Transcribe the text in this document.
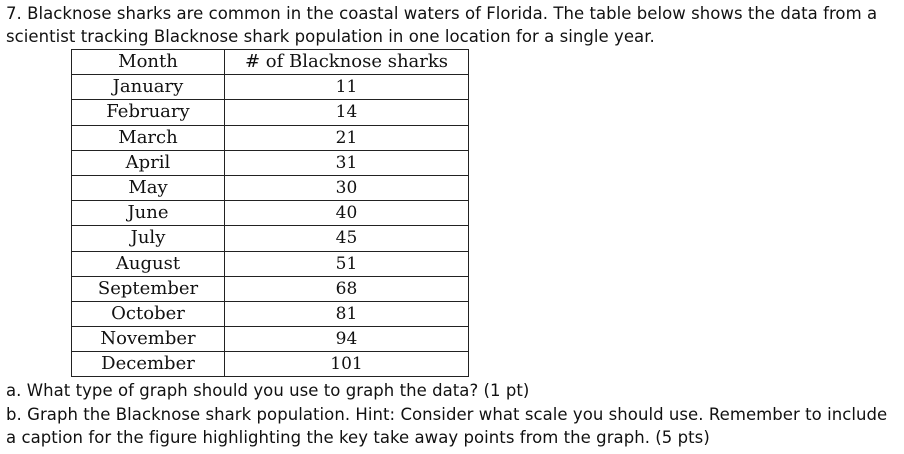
7. Blacknose sharks are common in the coastal waters of Florida. The table below shows the data from a
scientist tracking Blacknose shark population in one location for a single year.
Month	# of Blacknose sharks
January	11
February	14
March	21
April	31
May	30
June	40
July	45
August	51
September	68
October	81
November	94
December	101
a. What type of graph should you use to graph the data? (1 pt)
b. Graph the Blacknose shark population. Hint: Consider what scale you should use. Remember to include
a caption for the figure highlighting the key take away points from the graph. (5 pts)
